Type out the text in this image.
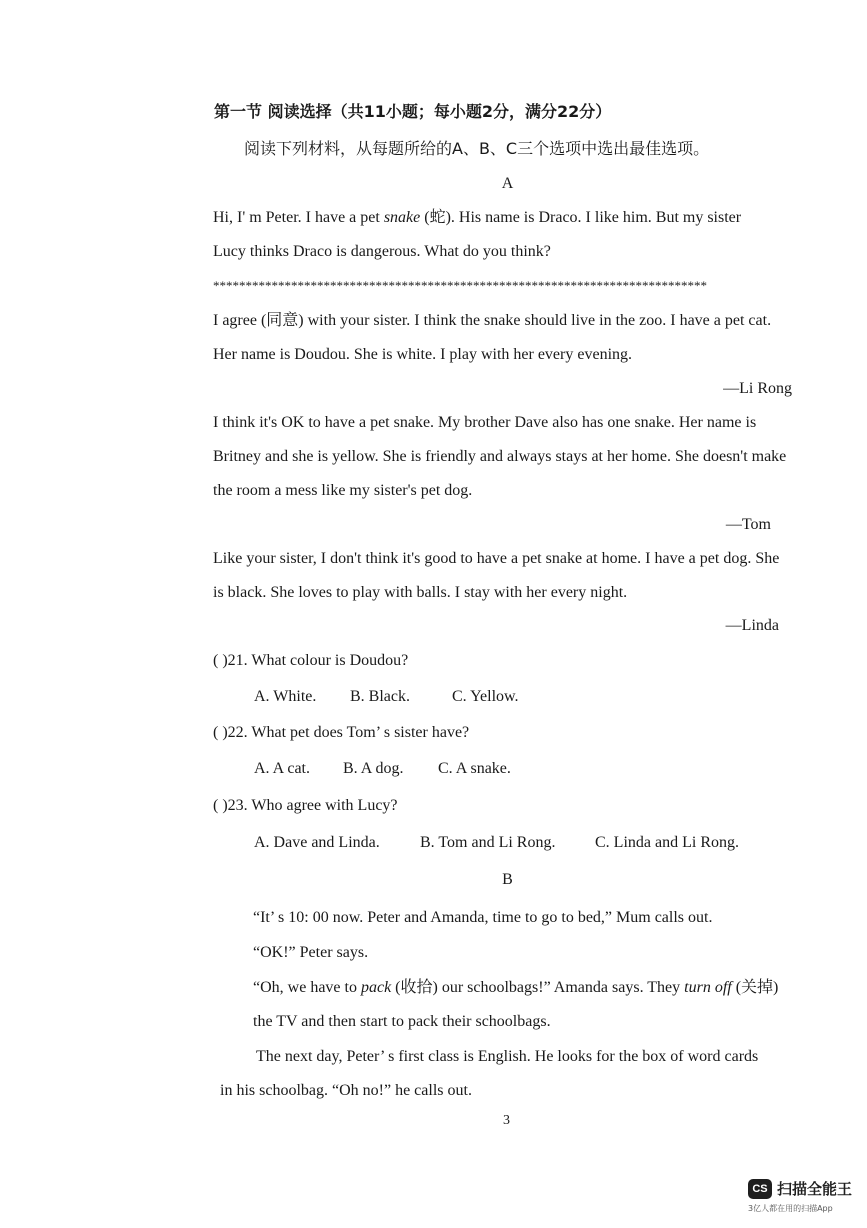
第一节 阅读选择（共11小题；每小题2分，满分22分）
阅读下列材料，从每题所给的A、B、C三个选项中选出最佳选项。
A
Hi, I' m Peter. I have a pet snake (蛇). His name is Draco. I like him. But my sister
Lucy thinks Draco is dangerous. What do you think?
****************************************************************************
I agree (同意) with your sister. I think the snake should live in the zoo. I have a pet cat.
Her name is Doudou. She is white. I play with her every evening.
—Li Rong
I think it's OK to have a pet snake. My brother Dave also has one snake. Her name is
Britney and she is yellow. She is friendly and always stays at her home. She doesn't make
the room a mess like my sister's pet dog.
—Tom
Like your sister, I don't think it's good to have a pet snake at home. I have a pet dog. She
is black. She loves to play with balls. I stay with her every night.
—Linda
( )21. What colour is Doudou?
A. White. B. Black.	C. Yellow.
( )22. What pet does Tom’ s sister have?
A. A cat. B. A dog. C. A snake.
( )23. Who agree with Lucy?
A. Dave and Linda.	B. Tom and Li Rong. C. Linda and Li Rong.
B
“It’ s 10: 00 now. Peter and Amanda, time to go to bed,” Mum calls out.
“OK!” Peter says.
“Oh, we have to pack (收拾) our schoolbags!” Amanda says. They turn off (关掉)
the TV and then start to pack their schoolbags.
The next day, Peter’ s first class is English. He looks for the box of word cards
in his schoolbag. “Oh no!” he calls out.
3
CS 扫描全能王
3亿人都在用的扫描App
